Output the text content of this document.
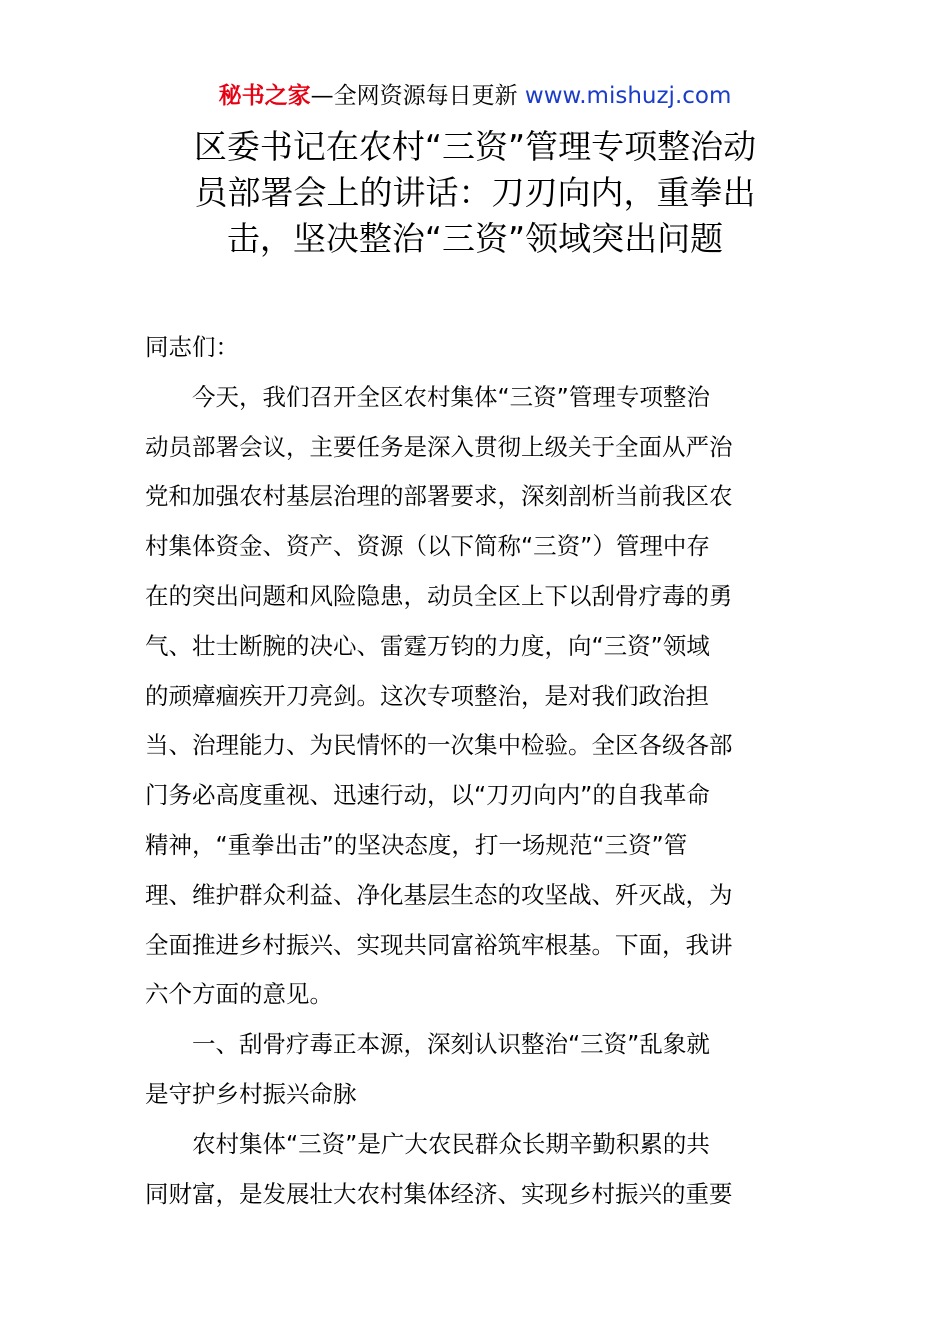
秘书之家—全网资源每日更新 www.mishuzj.com
区委书记在农村“三资”管理专项整治动
员部署会上的讲话：刀刃向内，重拳出
击，坚决整治“三资”领域突出问题
同志们：
　　今天，我们召开全区农村集体“三资”管理专项整治
动员部署会议，主要任务是深入贯彻上级关于全面从严治
党和加强农村基层治理的部署要求，深刻剖析当前我区农
村集体资金、资产、资源（以下简称“三资”）管理中存
在的突出问题和风险隐患，动员全区上下以刮骨疗毒的勇
气、壮士断腕的决心、雷霆万钧的力度，向“三资”领域
的顽瘴痼疾开刀亮剑。这次专项整治，是对我们政治担
当、治理能力、为民情怀的一次集中检验。全区各级各部
门务必高度重视、迅速行动，以“刀刃向内”的自我革命
精神，“重拳出击”的坚决态度，打一场规范“三资”管
理、维护群众利益、净化基层生态的攻坚战、歼灭战，为
全面推进乡村振兴、实现共同富裕筑牢根基。下面，我讲
六个方面的意见。
　　一、刮骨疗毒正本源，深刻认识整治“三资”乱象就
是守护乡村振兴命脉
　　农村集体“三资”是广大农民群众长期辛勤积累的共
同财富，是发展壮大农村集体经济、实现乡村振兴的重要
